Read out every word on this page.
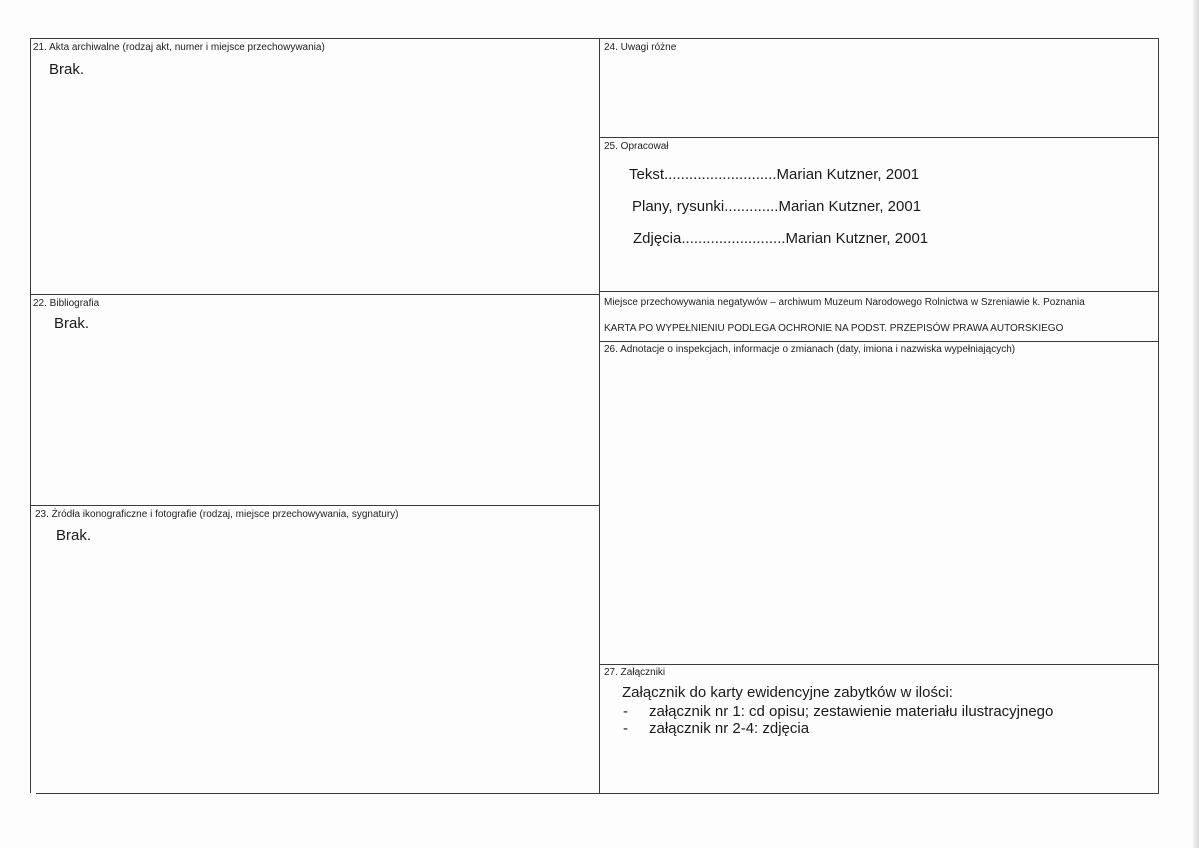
21. Akta archiwalne (rodzaj akt, numer i miejsce przechowywania)
Brak.
22. Bibliografia
Brak.
23. Źródła ikonograficzne i fotografie (rodzaj, miejsce przechowywania, sygnatury)
Brak.
24. Uwagi różne
25. Opracował
Tekst...........................Marian Kutzner, 2001
Plany, rysunki.............Marian Kutzner, 2001
Zdjęcia.........................Marian Kutzner, 2001
Miejsce przechowywania negatywów – archiwum Muzeum Narodowego Rolnictwa w Szreniawie k. Poznania
KARTA PO WYPEŁNIENIU PODLEGA OCHRONIE NA PODST. PRZEPISÓW PRAWA AUTORSKIEGO
26. Adnotacje o inspekcjach, informacje o zmianach (daty, imiona i nazwiska wypełniających)
27. Załączniki
Załącznik do karty ewidencyjne zabytków w ilości:
- załącznik nr 1: cd opisu; zestawienie materiału ilustracyjnego
- załącznik nr 2-4: zdjęcia
